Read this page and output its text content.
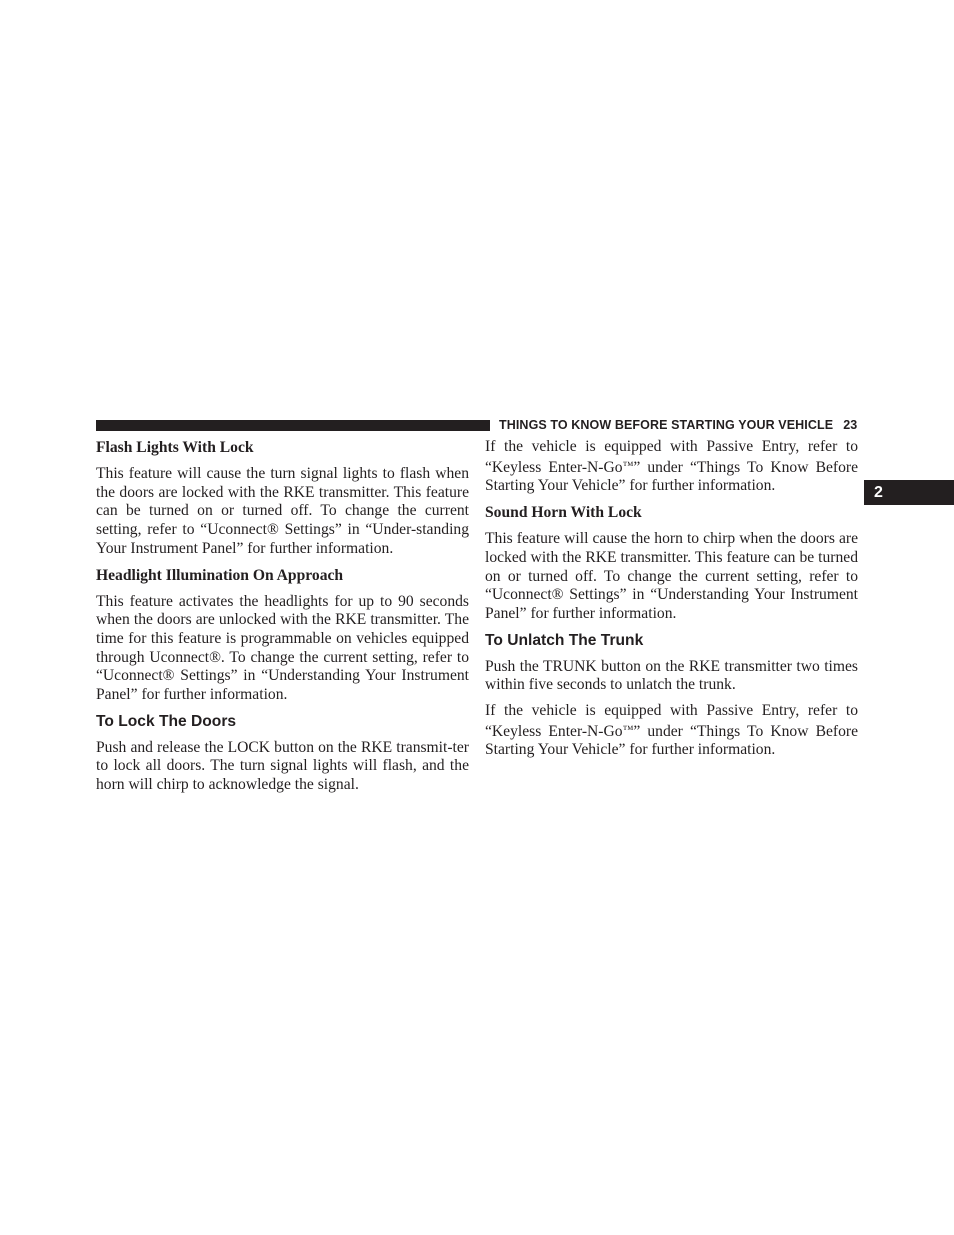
THINGS TO KNOW BEFORE STARTING YOUR VEHICLE 23
2
Flash Lights With Lock

This feature will cause the turn signal lights to flash when the doors are locked with the RKE transmitter. This feature can be turned on or turned off. To change the current setting, refer to “Uconnect® Settings” in “Under-standing Your Instrument Panel” for further information.

Headlight Illumination On Approach

This feature activates the headlights for up to 90 seconds when the doors are unlocked with the RKE transmitter. The time for this feature is programmable on vehicles equipped through Uconnect®. To change the current setting, refer to “Uconnect® Settings” in “Understanding Your Instrument Panel” for further information.

To Lock The Doors

Push and release the LOCK button on the RKE transmit-ter to lock all doors. The turn signal lights will flash, and the horn will chirp to acknowledge the signal.

If the vehicle is equipped with Passive Entry, refer to “Keyless Enter-N-Go™” under “Things To Know Before Starting Your Vehicle” for further information.

Sound Horn With Lock

This feature will cause the horn to chirp when the doors are locked with the RKE transmitter. This feature can be turned on or turned off. To change the current setting, refer to “Uconnect® Settings” in “Understanding Your Instrument Panel” for further information.

To Unlatch The Trunk

Push the TRUNK button on the RKE transmitter two times within five seconds to unlatch the trunk.

If the vehicle is equipped with Passive Entry, refer to “Keyless Enter-N-Go™” under “Things To Know Before Starting Your Vehicle” for further information.
